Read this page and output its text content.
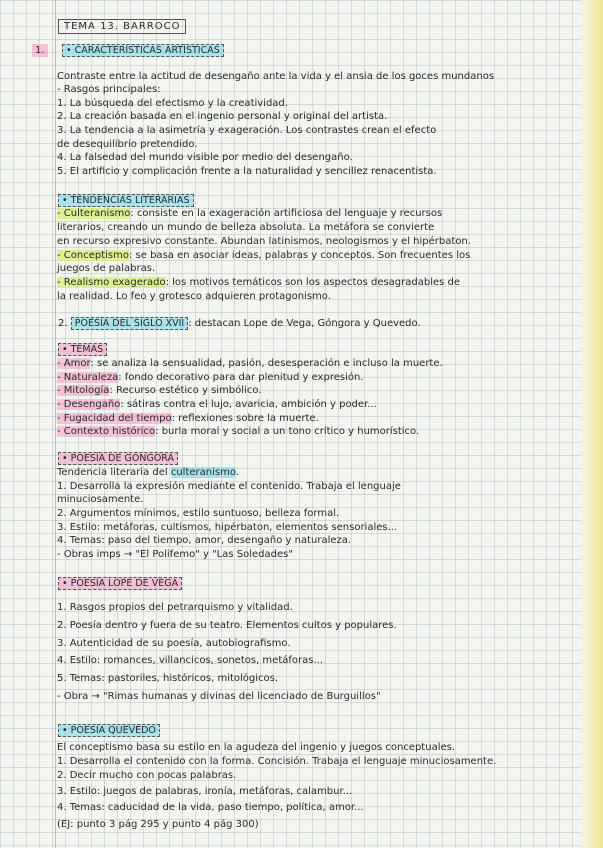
TEMA 13. BARROCO
1.	• CARACTERÍSTICAS ARTÍSTICAS
Contraste entre la actitud de desengaño ante la vida y el ansia de los goces mundanos
- Rasgos principales:
1. La búsqueda del efectismo y la creatividad.
2. La creación basada en el ingenio personal y original del artista.
3. La tendencia a la asimetría y exageración. Los contrastes crean el efecto
de desequilibrio pretendido.
4. La falsedad del mundo visible por medio del desengaño.
5. El artificio y complicación frente a la naturalidad y sencillez renacentista.
• TENDENCIAS LITERARIAS
- Culteranismo: consiste en la exageración artificiosa del lenguaje y recursos
literarios, creando un mundo de belleza absoluta. La metáfora se convierte
en recurso expresivo constante. Abundan latinismos, neologismos y el hipérbaton.
- Conceptismo: se basa en asociar ideas, palabras y conceptos. Son frecuentes los
juegos de palabras.
- Realismo exagerado: los motivos temáticos son los aspectos desagradables de
la realidad. Lo feo y grotesco adquieren protagonismo.
2. POESÍA DEL SIGLO XVII : destacan Lope de Vega, Góngora y Quevedo.
• TEMAS
- Amor: se analiza la sensualidad, pasión, desesperación e incluso la muerte.
- Naturaleza: fondo decorativo para dar plenitud y expresión.
- Mitología: Recurso estético y simbólico.
- Desengaño: sátiras contra el lujo, avaricia, ambición y poder...
- Fugacidad del tiempo: reflexiones sobre la muerte.
- Contexto histórico: burla moral y social a un tono crítico y humorístico.
• POESÍA DE GÓNGORA
Tendencia literaria del culteranismo.
1. Desarrolla la expresión mediante el contenido. Trabaja el lenguaje
minuciosamente.
2. Argumentos mínimos, estilo suntuoso, belleza formal.
3. Estilo: metáforas, cultismos, hipérbaton, elementos sensoriales...
4. Temas: paso del tiempo, amor, desengaño y naturaleza.
- Obras imps → "El Polifemo" y "Las Soledades"
• POESÍA LOPE DE VEGA
1. Rasgos propios del petrarquismo y vitalidad.
2. Poesía dentro y fuera de su teatro. Elementos cultos y populares.
3. Autenticidad de su poesía, autobiografismo.
4. Estilo: romances, villancicos, sonetos, metáforas...
5. Temas: pastoriles, históricos, mitológicos.
- Obra → "Rimas humanas y divinas del licenciado de Burguillos"
• POESÍA QUEVEDO
El conceptismo basa su estilo en la agudeza del ingenio y juegos conceptuales.
1. Desarrolla el contenido con la forma. Concisión. Trabaja el lenguaje minuciosamente.
2. Decir mucho con pocas palabras.
3. Estilo: juegos de palabras, ironía, metáforas, calambur...
4. Temas: caducidad de la vida, paso tiempo, política, amor...
(EJ: punto 3 pág 295 y punto 4 pág 300)
